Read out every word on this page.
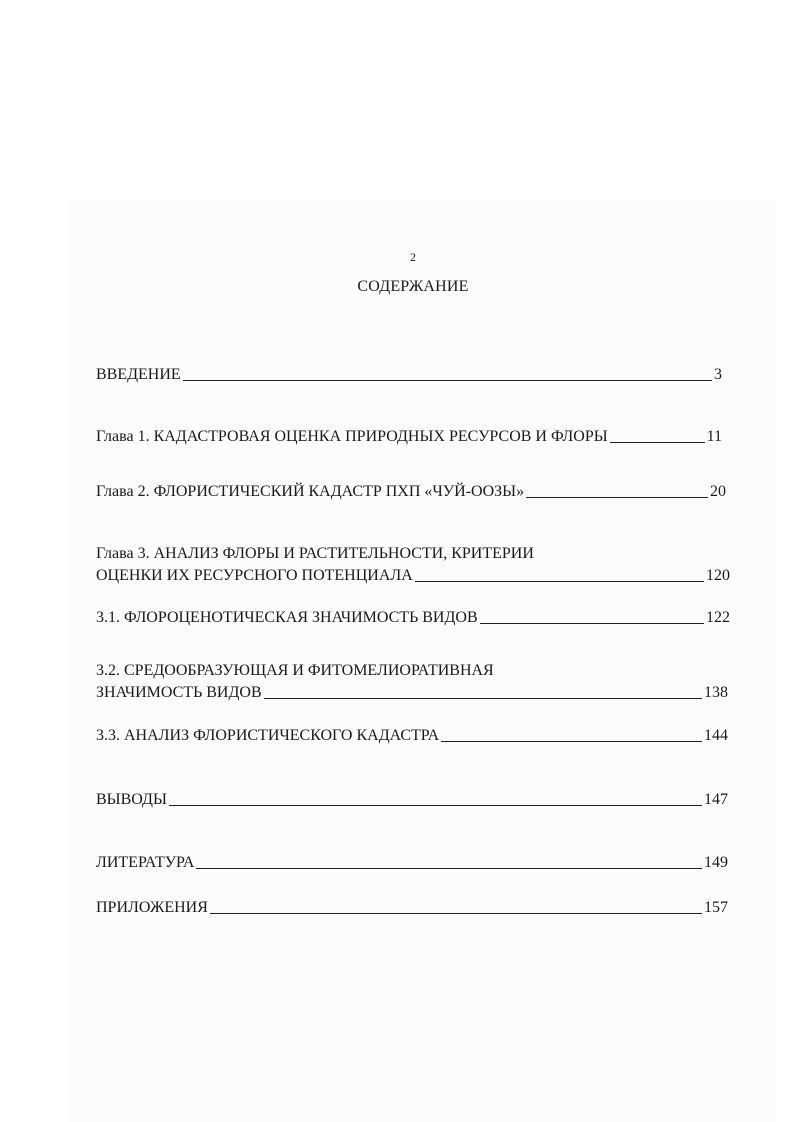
2
СОДЕРЖАНИЕ
ВВЕДЕНИЕ	3
Глава 1. КАДАСТРОВАЯ ОЦЕНКА ПРИРОДНЫХ РЕСУРСОВ И ФЛОРЫ	11
Глава 2. ФЛОРИСТИЧЕСКИЙ КАДАСТР ПХП «ЧУЙ-ООЗЫ»	20
Глава 3. АНАЛИЗ ФЛОРЫ И РАСТИТЕЛЬНОСТИ, КРИТЕРИИ
ОЦЕНКИ ИХ РЕСУРСНОГО ПОТЕНЦИАЛА	120
3.1. ФЛОРОЦЕНОТИЧЕСКАЯ ЗНАЧИМОСТЬ ВИДОВ	122
3.2. СРЕДООБРАЗУЮЩАЯ И ФИТОМЕЛИОРАТИВНАЯ
ЗНАЧИМОСТЬ ВИДОВ	138
3.3. АНАЛИЗ ФЛОРИСТИЧЕСКОГО КАДАСТРА	144
ВЫВОДЫ	147
ЛИТЕРАТУРА	149
ПРИЛОЖЕНИЯ	157
